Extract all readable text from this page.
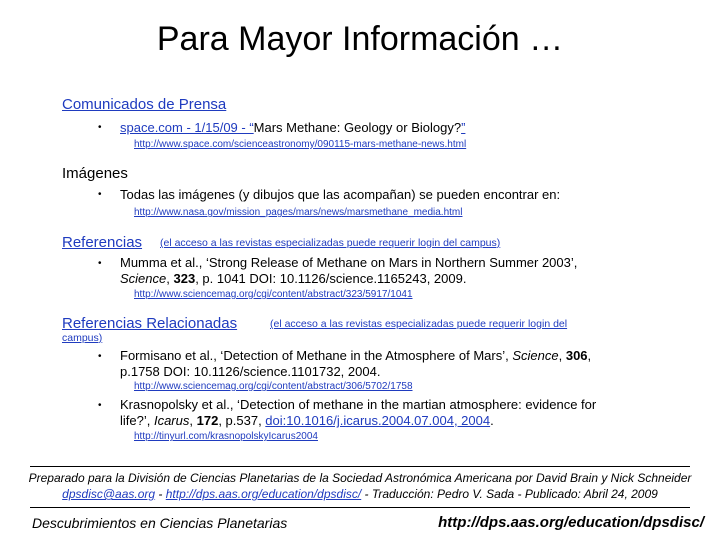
Para Mayor Información …
Comunicados de Prensa
• space.com - 1/15/09 - “Mars Methane: Geology or Biology?”
http://www.space.com/scienceastronomy/090115-mars-methane-news.html
Imágenes
• Todas las imágenes (y dibujos que las acompañan) se pueden encontrar en:
http://www.nasa.gov/mission_pages/mars/news/marsmethane_media.html
Referencias (el acceso a las revistas especializadas puede requerir login del campus)
• Mumma et al., ‘Strong Release of Methane on Mars in Northern Summer 2003’,
Science, 323, p. 1041 DOI: 10.1126/science.1165243, 2009.
http://www.sciencemag.org/cgi/content/abstract/323/5917/1041
Referencias Relacionadas	(el acceso a las revistas especializadas puede requerir login del
campus)
• Formisano et al., ‘Detection of Methane in the Atmosphere of Mars’, Science, 306,
p.1758 DOI: 10.1126/science.1101732, 2004.
http://www.sciencemag.org/cgi/content/abstract/306/5702/1758
• Krasnopolsky et al., ‘Detection of methane in the martian atmosphere: evidence for
life?’, Icarus, 172, p.537, doi:10.1016/j.icarus.2004.07.004, 2004.
http://tinyurl.com/krasnopolskyIcarus2004
Preparado para la División de Ciencias Planetarias de la Sociedad Astronómica Americana por David Brain y Nick Schneider
dpsdisc@aas.org - http://dps.aas.org/education/dpsdisc/ - Traducción: Pedro V. Sada - Publicado: Abril 24, 2009
Descubrimientos en Ciencias Planetarias	http://dps.aas.org/education/dpsdisc/
